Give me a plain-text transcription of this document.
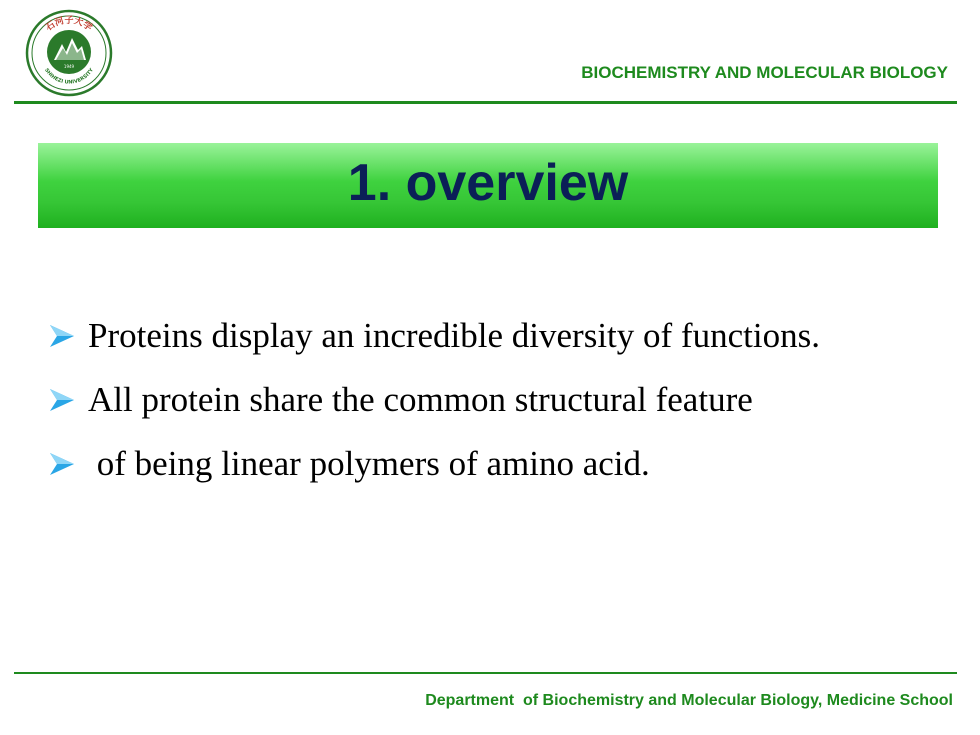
1949
石河子大学
SHIHEZI UNIVERSITY	BIOCHEMISTRY AND MOLECULAR BIOLOGY
1. overview
Proteins display an incredible diversity of functions.
All protein share the common structural feature
of being linear polymers of amino acid.
Department  of Biochemistry and Molecular Biology, Medicine School
